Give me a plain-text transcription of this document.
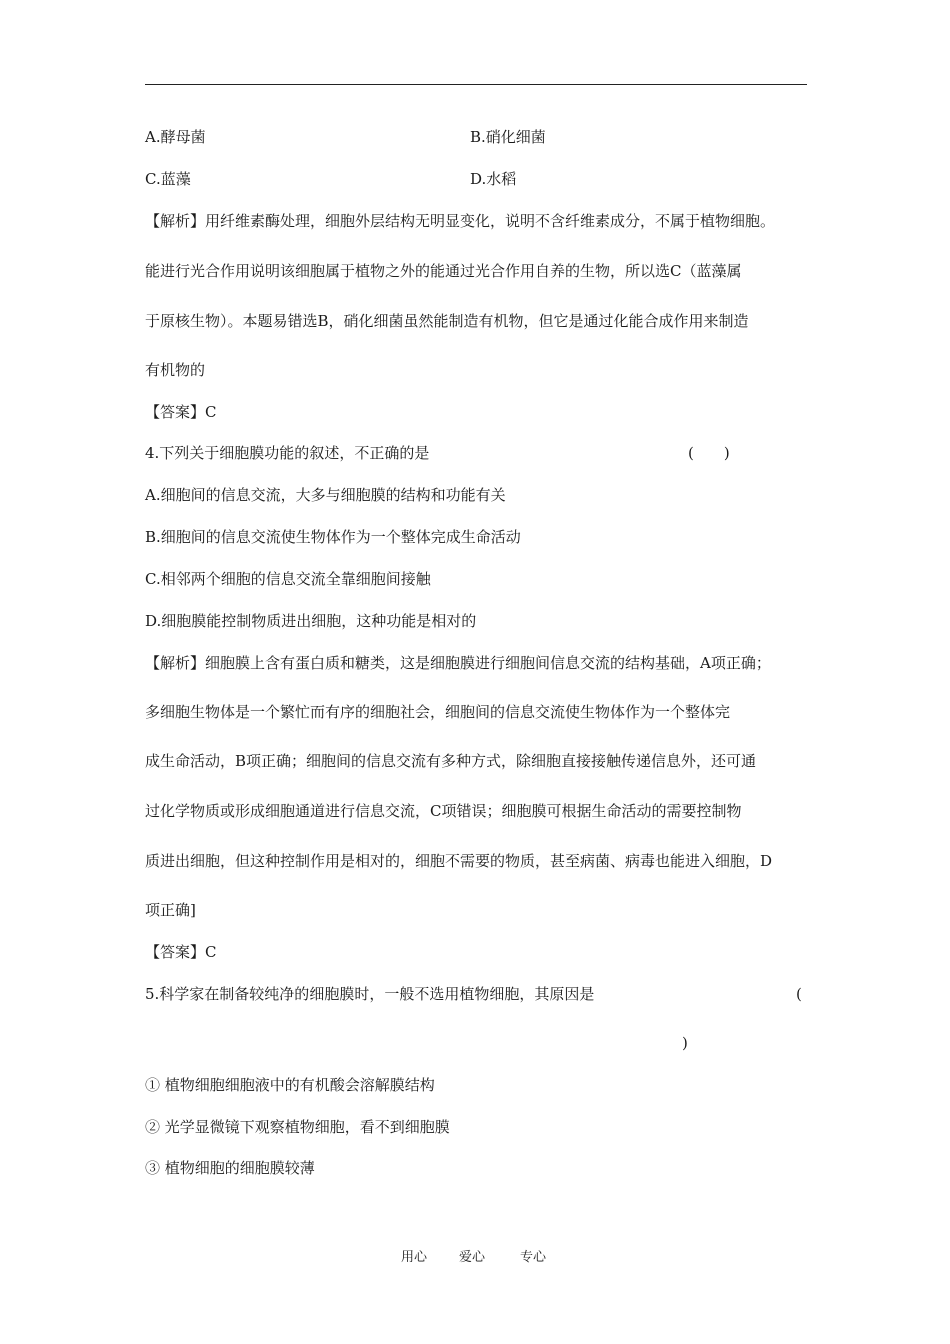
A.酵母菌	B.硝化细菌
C.蓝藻	D.水稻
【解析】用纤维素酶处理，细胞外层结构无明显变化，说明不含纤维素成分，不属于植物细胞。
能进行光合作用说明该细胞属于植物之外的能通过光合作用自养的生物，所以选C（蓝藻属
于原核生物）。本题易错选B，硝化细菌虽然能制造有机物，但它是通过化能合成作用来制造
有机物的
【答案】C
4.下列关于细胞膜功能的叙述，不正确的是	(　　)
A.细胞间的信息交流，大多与细胞膜的结构和功能有关
B.细胞间的信息交流使生物体作为一个整体完成生命活动
C.相邻两个细胞的信息交流全靠细胞间接触
D.细胞膜能控制物质进出细胞，这种功能是相对的
【解析】细胞膜上含有蛋白质和糖类，这是细胞膜进行细胞间信息交流的结构基础，A项正确；
多细胞生物体是一个繁忙而有序的细胞社会，细胞间的信息交流使生物体作为一个整体完
成生命活动，B项正确；细胞间的信息交流有多种方式，除细胞直接接触传递信息外，还可通
过化学物质或形成细胞通道进行信息交流，C项错误；细胞膜可根据生命活动的需要控制物
质进出细胞，但这种控制作用是相对的，细胞不需要的物质，甚至病菌、病毒也能进入细胞，D
项正确]
【答案】C
5.科学家在制备较纯净的细胞膜时，一般不选用植物细胞，其原因是	(
)
① 植物细胞细胞液中的有机酸会溶解膜结构
② 光学显微镜下观察植物细胞，看不到细胞膜
③ 植物细胞的细胞膜较薄
用心 爱心	专心
